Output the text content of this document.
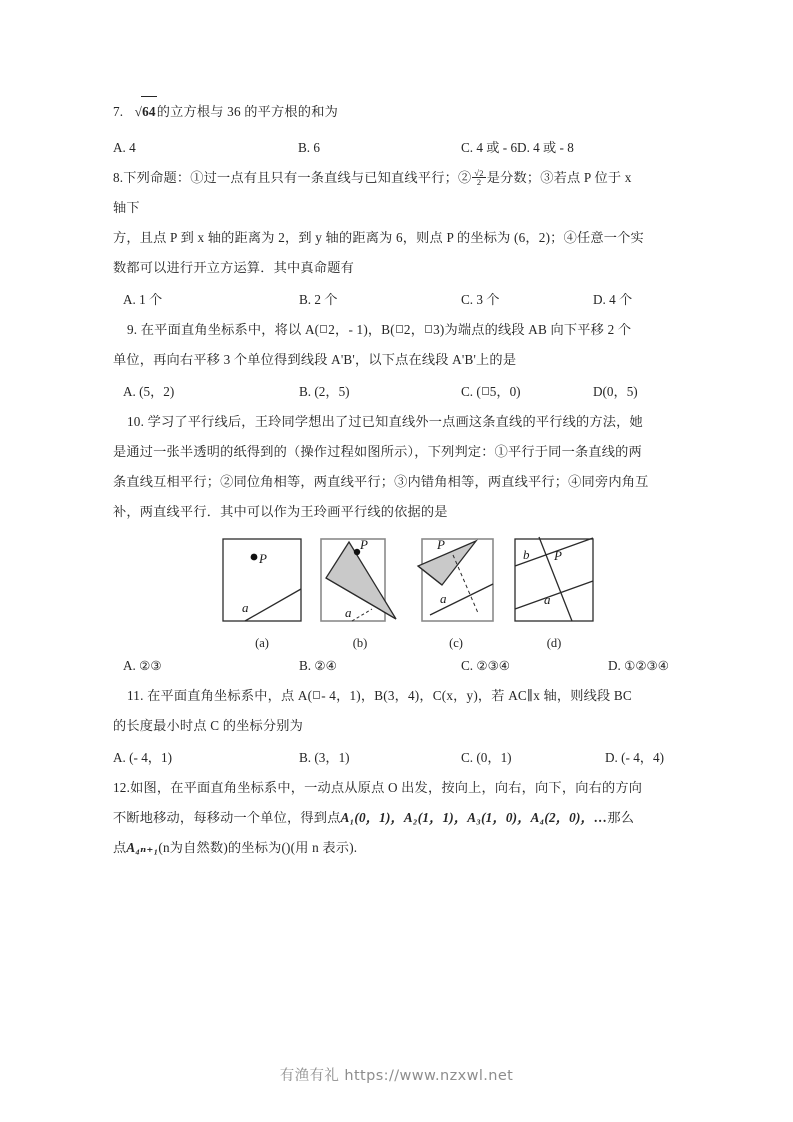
7. √64的立方根与 36 的平方根的和为
A. 4	B. 6	C. 4 或 - 6D. 4 或 - 8
8.下列命题：①过一点有且只有一条直线与已知直线平行；② $\frac{√2}{2}$ 是分数；③若点 P 位于 x
轴下
方，且点 P 到 x 轴的距离为 2，到 y 轴的距离为 6，则点 P 的坐标为 (6，2)；④任意一个实
数都可以进行开立方运算．其中真命题有
A. 1 个	B. 2 个	C. 3 个	D. 4 个
9. 在平面直角坐标系中，将以 A( 2，‑ 1)，B( 2， 3)为端点的线段 AB 向下平移 2 个
单位，再向右平移 3 个单位得到线段 A'B'，以下点在线段 A'B'上的是
A. (5，2)	B. (2，5)	C. ( 5，0)	D(0，5)
10. 学习了平行线后，王玲同学想出了过已知直线外一点画这条直线的平行线的方法，她
是通过一张半透明的纸得到的（操作过程如图所示），下列判定：①平行于同一条直线的两
条直线互相平行；②同位角相等，两直线平行；③内错角相等，两直线平行；④同旁内角互
补，两直线平行．其中可以作为王玲画平行线的依据的是
P
a
(a)
P
a
(b)
P
a
(c)
b P
a
(d)
A. ②③	B. ②④	C. ②③④	D. ①②③④
11. 在平面直角坐标系中，点 A( - 4，1)，B(3，4)，C(x，y)，若 AC∥x 轴，则线段 BC
的长度最小时点 C 的坐标分别为
A. (‑ 4，1)	B. (3，1)	C. (0，1)	D. (‑ 4，4)
12.如图，在平面直角坐标系中，一动点从原点 O 出发，按向上，向右，向下，向右的方向
不断地移动，每移动一个单位，得到点A₁(0，1)，A₂(1，1)，A₃(1，0)，A₄(2，0)，…那么
点A₄ₙ₊₁(n为自然数)的坐标为()(用 n 表示).
有渔有礼 https://www.nzxwl.net
